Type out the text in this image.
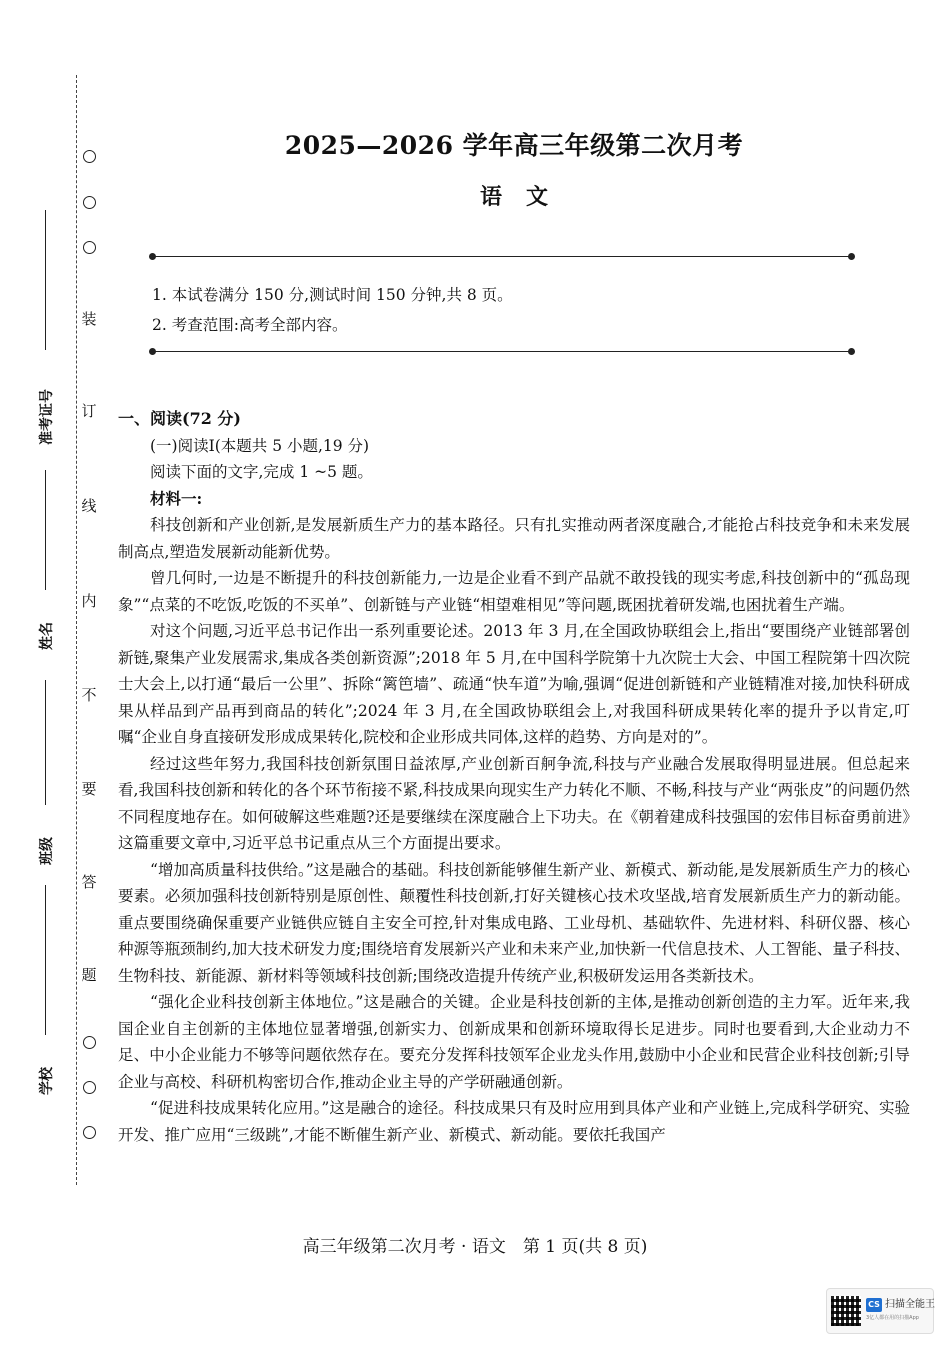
装
订
线
内
不
要
答
题
准考证号
姓名
班级
学校
2025—2026 学年高三年级第二次月考
语文
1. 本试卷满分 150 分,测试时间 150 分钟,共 8 页。
2. 考查范围:高考全部内容。

一、阅读(72 分)

(一)阅读Ⅰ(本题共 5 小题,19 分)

阅读下面的文字,完成 1 ~5 题。

材料一:

科技创新和产业创新,是发展新质生产力的基本路径。只有扎实推动两者深度融合,才能抢占科技竞争和未来发展制高点,塑造发展新动能新优势。

曾几何时,一边是不断提升的科技创新能力,一边是企业看不到产品就不敢投钱的现实考虑,科技创新中的“孤岛现象”“点菜的不吃饭,吃饭的不买单”、创新链与产业链“相望难相见”等问题,既困扰着研发端,也困扰着生产端。

对这个问题,习近平总书记作出一系列重要论述。2013 年 3 月,在全国政协联组会上,指出“要围绕产业链部署创新链,聚集产业发展需求,集成各类创新资源”;2018 年 5 月,在中国科学院第十九次院士大会、中国工程院第十四次院士大会上,以打通“最后一公里”、拆除“篱笆墙”、疏通“快车道”为喻,强调“促进创新链和产业链精准对接,加快科研成果从样品到产品再到商品的转化”;2024 年 3 月,在全国政协联组会上,对我国科研成果转化率的提升予以肯定,叮嘱“企业自身直接研发形成成果转化,院校和企业形成共同体,这样的趋势、方向是对的”。

经过这些年努力,我国科技创新氛围日益浓厚,产业创新百舸争流,科技与产业融合发展取得明显进展。但总起来看,我国科技创新和转化的各个环节衔接不紧,科技成果向现实生产力转化不顺、不畅,科技与产业“两张皮”的问题仍然不同程度地存在。如何破解这些难题?还是要继续在深度融合上下功夫。在《朝着建成科技强国的宏伟目标奋勇前进》这篇重要文章中,习近平总书记重点从三个方面提出要求。

“增加高质量科技供给。”这是融合的基础。科技创新能够催生新产业、新模式、新动能,是发展新质生产力的核心要素。必须加强科技创新特别是原创性、颠覆性科技创新,打好关键核心技术攻坚战,培育发展新质生产力的新动能。重点要围绕确保重要产业链供应链自主安全可控,针对集成电路、工业母机、基础软件、先进材料、科研仪器、核心种源等瓶颈制约,加大技术研发力度;围绕培育发展新兴产业和未来产业,加快新一代信息技术、人工智能、量子科技、生物科技、新能源、新材料等领域科技创新;围绕改造提升传统产业,积极研发运用各类新技术。

“强化企业科技创新主体地位。”这是融合的关键。企业是科技创新的主体,是推动创新创造的主力军。近年来,我国企业自主创新的主体地位显著增强,创新实力、创新成果和创新环境取得长足进步。同时也要看到,大企业动力不足、中小企业能力不够等问题依然存在。要充分发挥科技领军企业龙头作用,鼓励中小企业和民营企业科技创新;引导企业与高校、科研机构密切合作,推动企业主导的产学研融通创新。

“促进科技成果转化应用。”这是融合的途径。科技成果只有及时应用到具体产业和产业链上,完成科学研究、实验开发、推广应用“三级跳”,才能不断催生新产业、新模式、新动能。要依托我国产

高三年级第二次月考 · 语文　第 1 页(共 8 页)
CS 扫描全能王
3亿人都在用的扫描App
